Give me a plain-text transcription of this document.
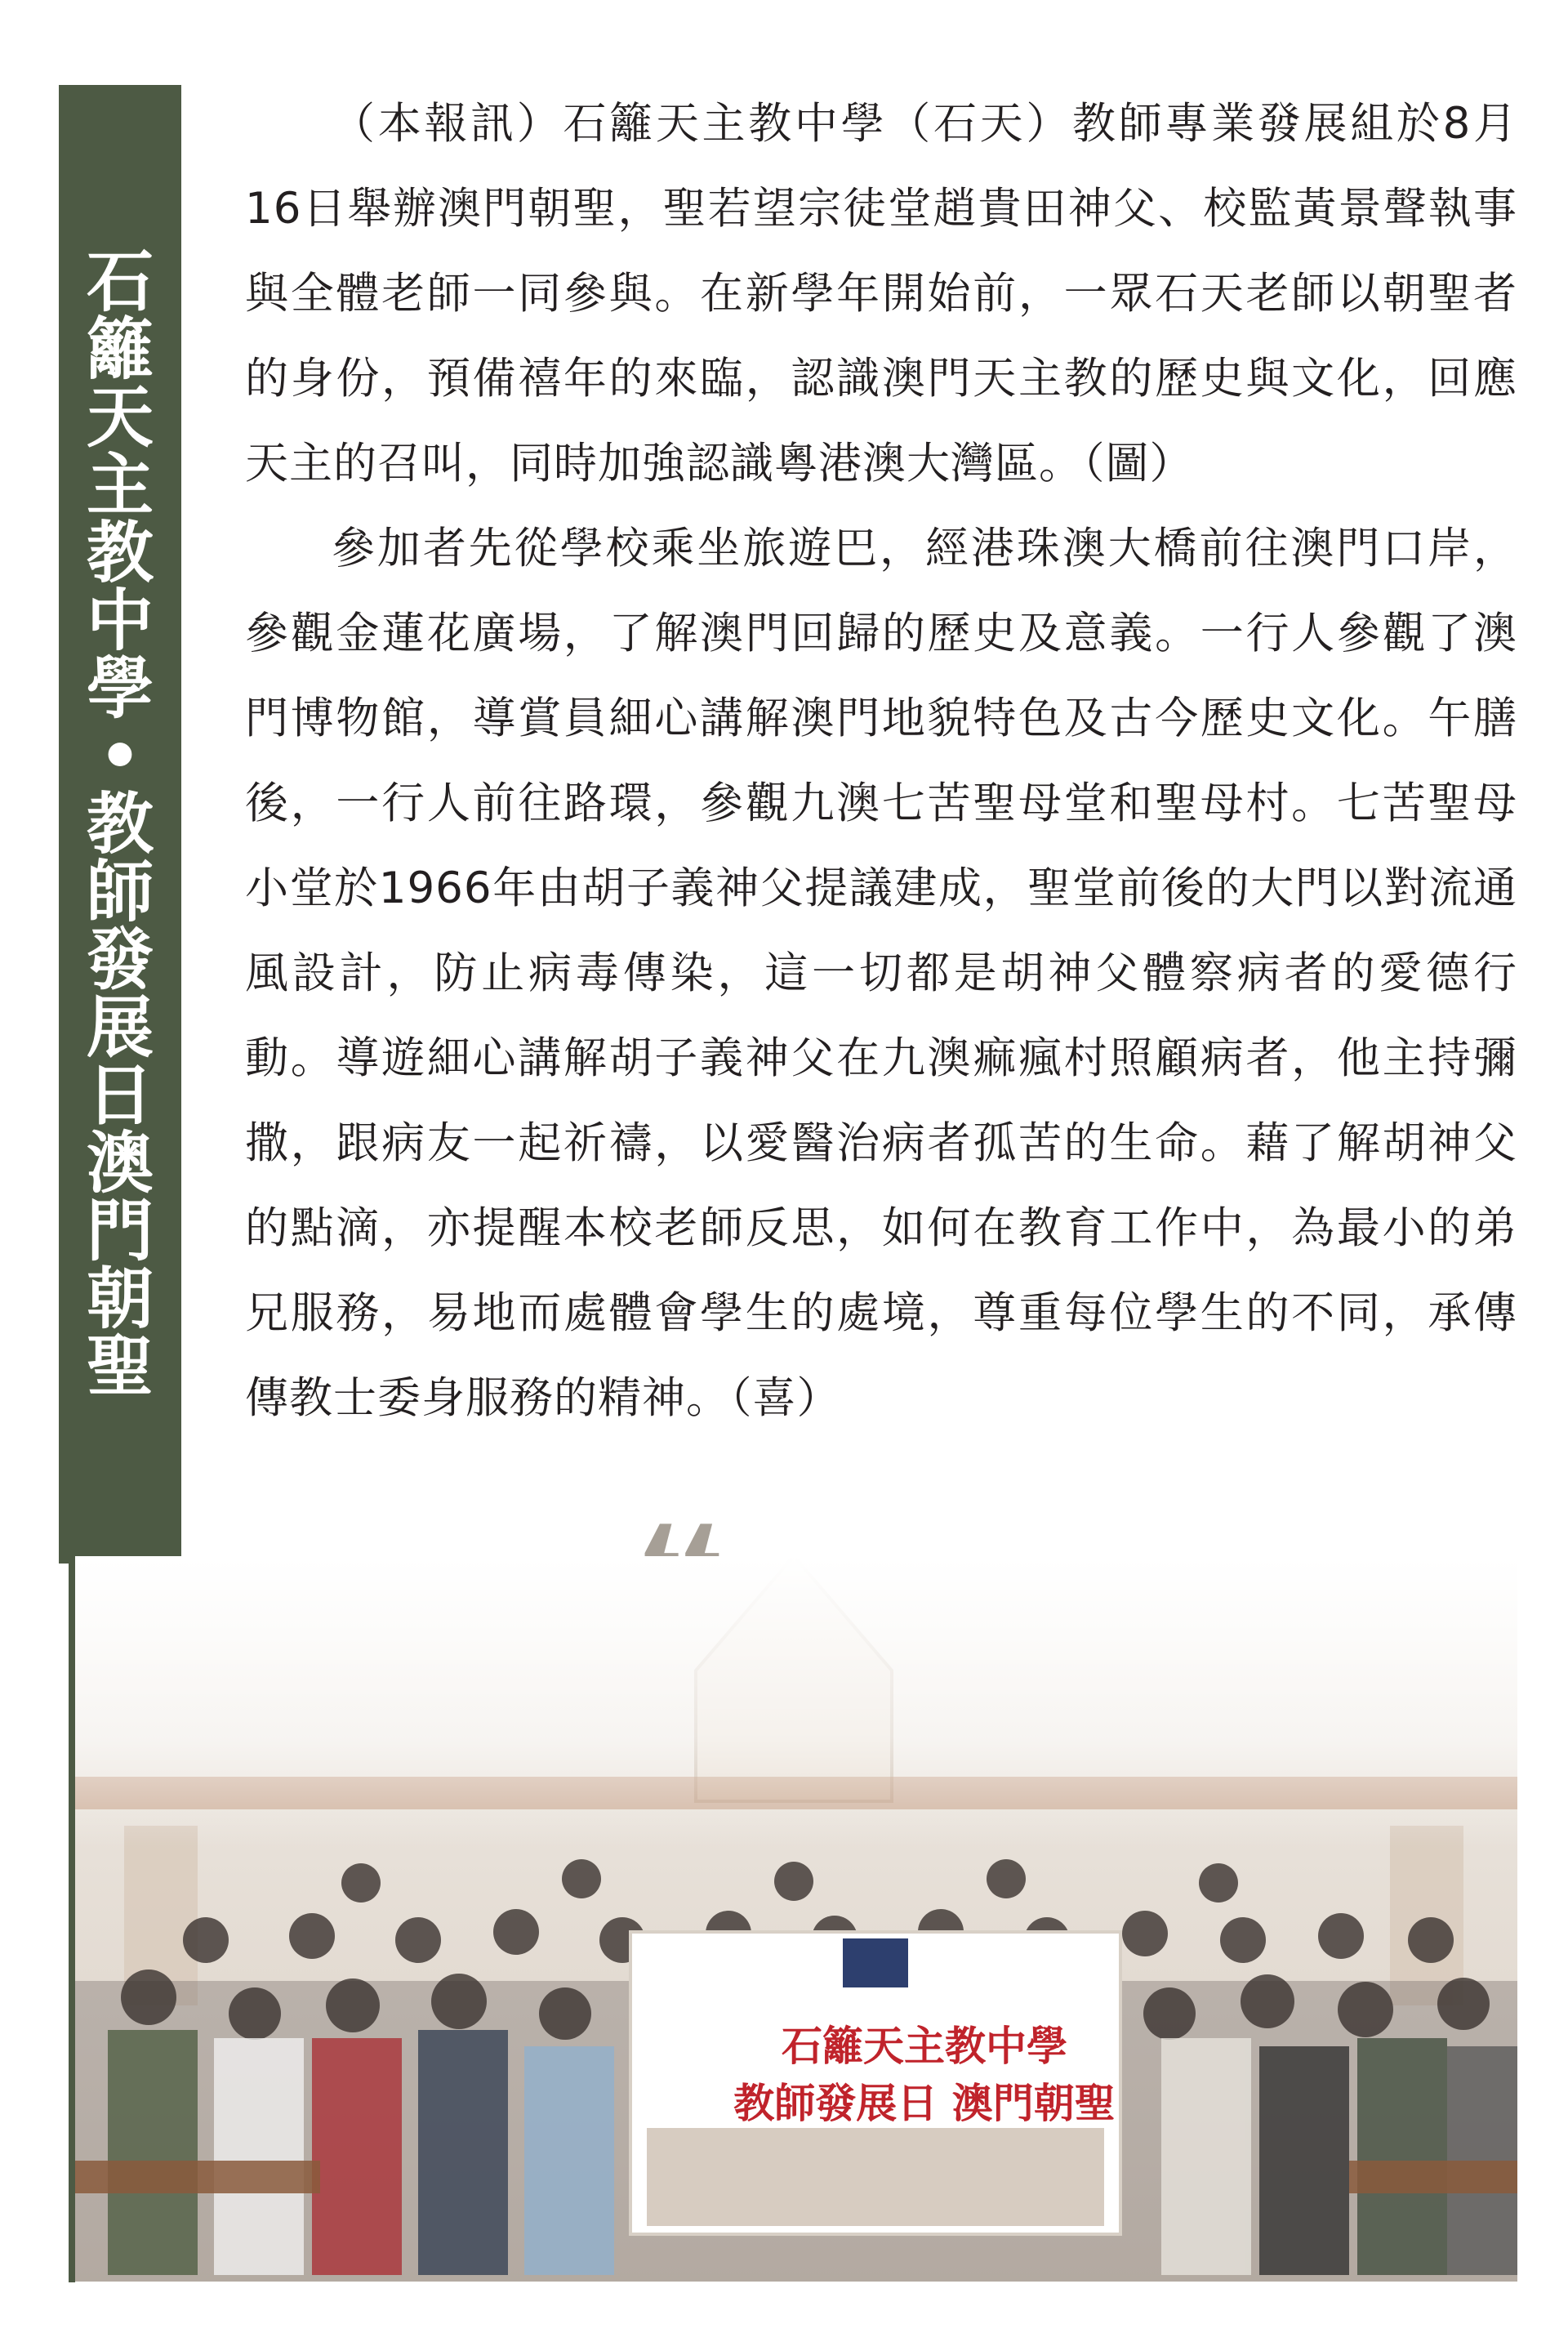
石
籬
天
主
教
中
學
•
教
師
發
展
日
澳
門
朝
聖

（本報訊）石籬天主教中學（石天）教師專業發展組於8月16日舉辦澳門朝聖，聖若望宗徒堂趙貴田神父、校監黃景聲執事與全體老師一同參與。在新學年開始前，一眾石天老師以朝聖者的身份，預備禧年的來臨，認識澳門天主教的歷史與文化，回應天主的召叫，同時加強認識粵港澳大灣區。（圖）

參加者先從學校乘坐旅遊巴，經港珠澳大橋前往澳門口岸，參觀金蓮花廣場，了解澳門回歸的歷史及意義。一行人參觀了澳門博物館，導賞員細心講解澳門地貌特色及古今歷史文化。午膳後，一行人前往路環，參觀九澳七苦聖母堂和聖母村。七苦聖母小堂於1966年由胡子義神父提議建成，聖堂前後的大門以對流通風設計，防止病毒傳染，這一切都是胡神父體察病者的愛德行動。導遊細心講解胡子義神父在九澳痲瘋村照顧病者，他主持彌撒，跟病友一起祈禱，以愛醫治病者孤苦的生命。藉了解胡神父的點滴，亦提醒本校老師反思，如何在教育工作中，為最小的弟兄服務，易地而處體會學生的處境，尊重每位學生的不同，承傳傳教士委身服務的精神。（喜）

石籬天主教中學
教師發展日 澳門朝聖
